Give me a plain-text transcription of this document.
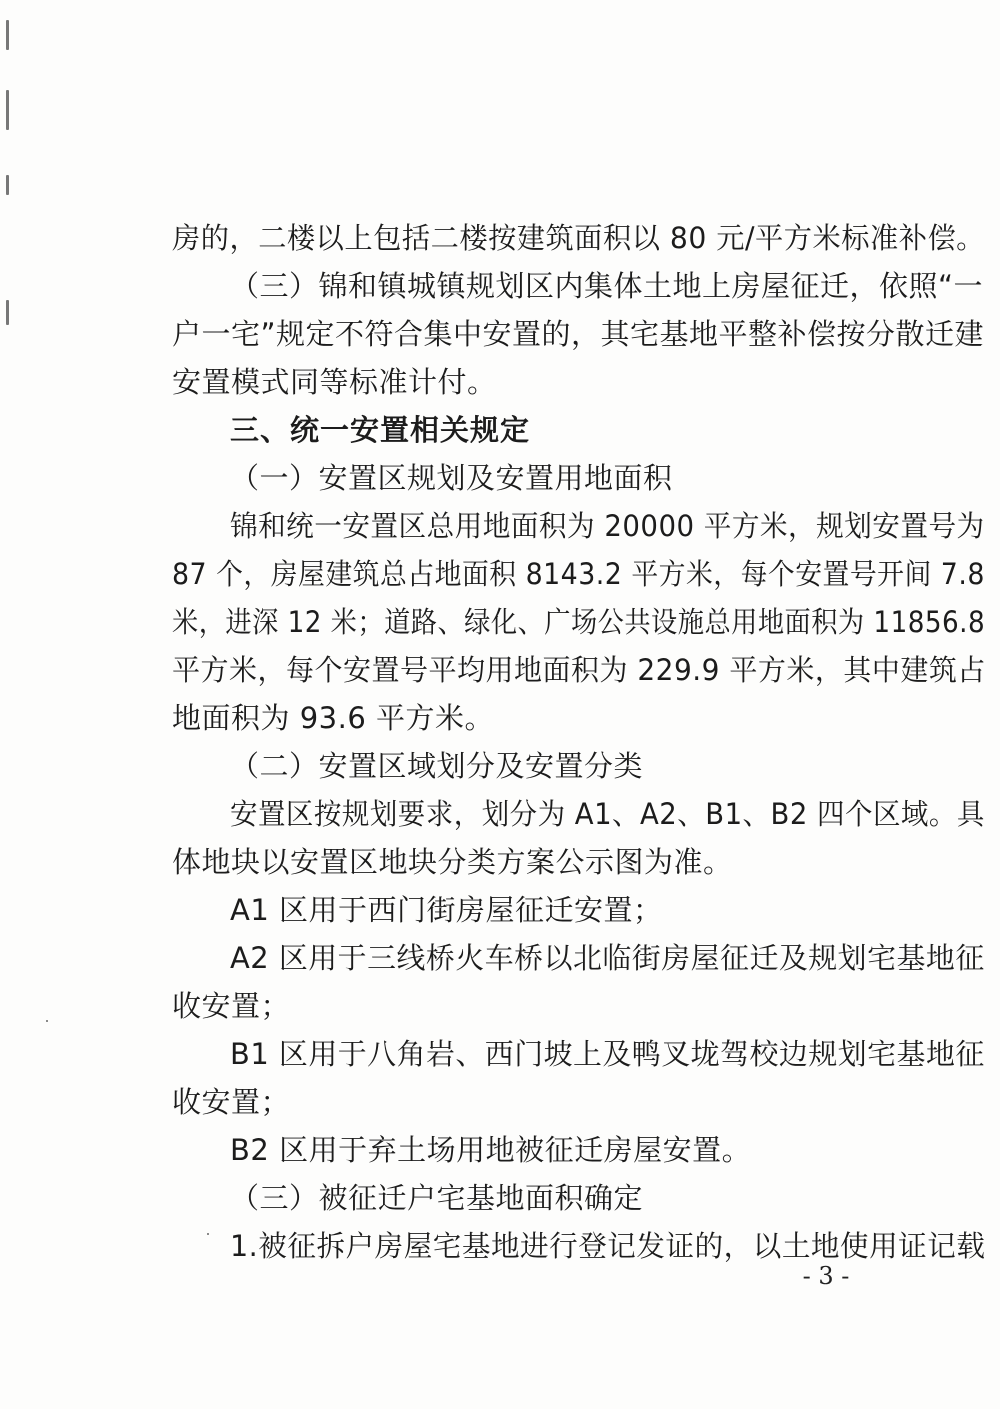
房的，二楼以上包括二楼按建筑面积以 80 元/平方米标准补偿。
（三）锦和镇城镇规划区内集体土地上房屋征迁，依照“一
户一宅”规定不符合集中安置的，其宅基地平整补偿按分散迁建
安置模式同等标准计付。
三、统一安置相关规定
（一）安置区规划及安置用地面积
锦和统一安置区总用地面积为 20000 平方米，规划安置号为
87 个，房屋建筑总占地面积 8143.2 平方米，每个安置号开间 7.8
米，进深 12 米；道路、绿化、广场公共设施总用地面积为 11856.8
平方米，每个安置号平均用地面积为 229.9 平方米，其中建筑占
地面积为 93.6 平方米。
（二）安置区域划分及安置分类
安置区按规划要求，划分为 A1、A2、B1、B2 四个区域。具
体地块以安置区地块分类方案公示图为准。
A1 区用于西门街房屋征迁安置；
A2 区用于三线桥火车桥以北临街房屋征迁及规划宅基地征
收安置；
B1 区用于八角岩、西门坡上及鸭叉垅驾校边规划宅基地征
收安置；
B2 区用于弃土场用地被征迁房屋安置。
（三）被征迁户宅基地面积确定
1.被征拆户房屋宅基地进行登记发证的，以土地使用证记载
- 3 -
